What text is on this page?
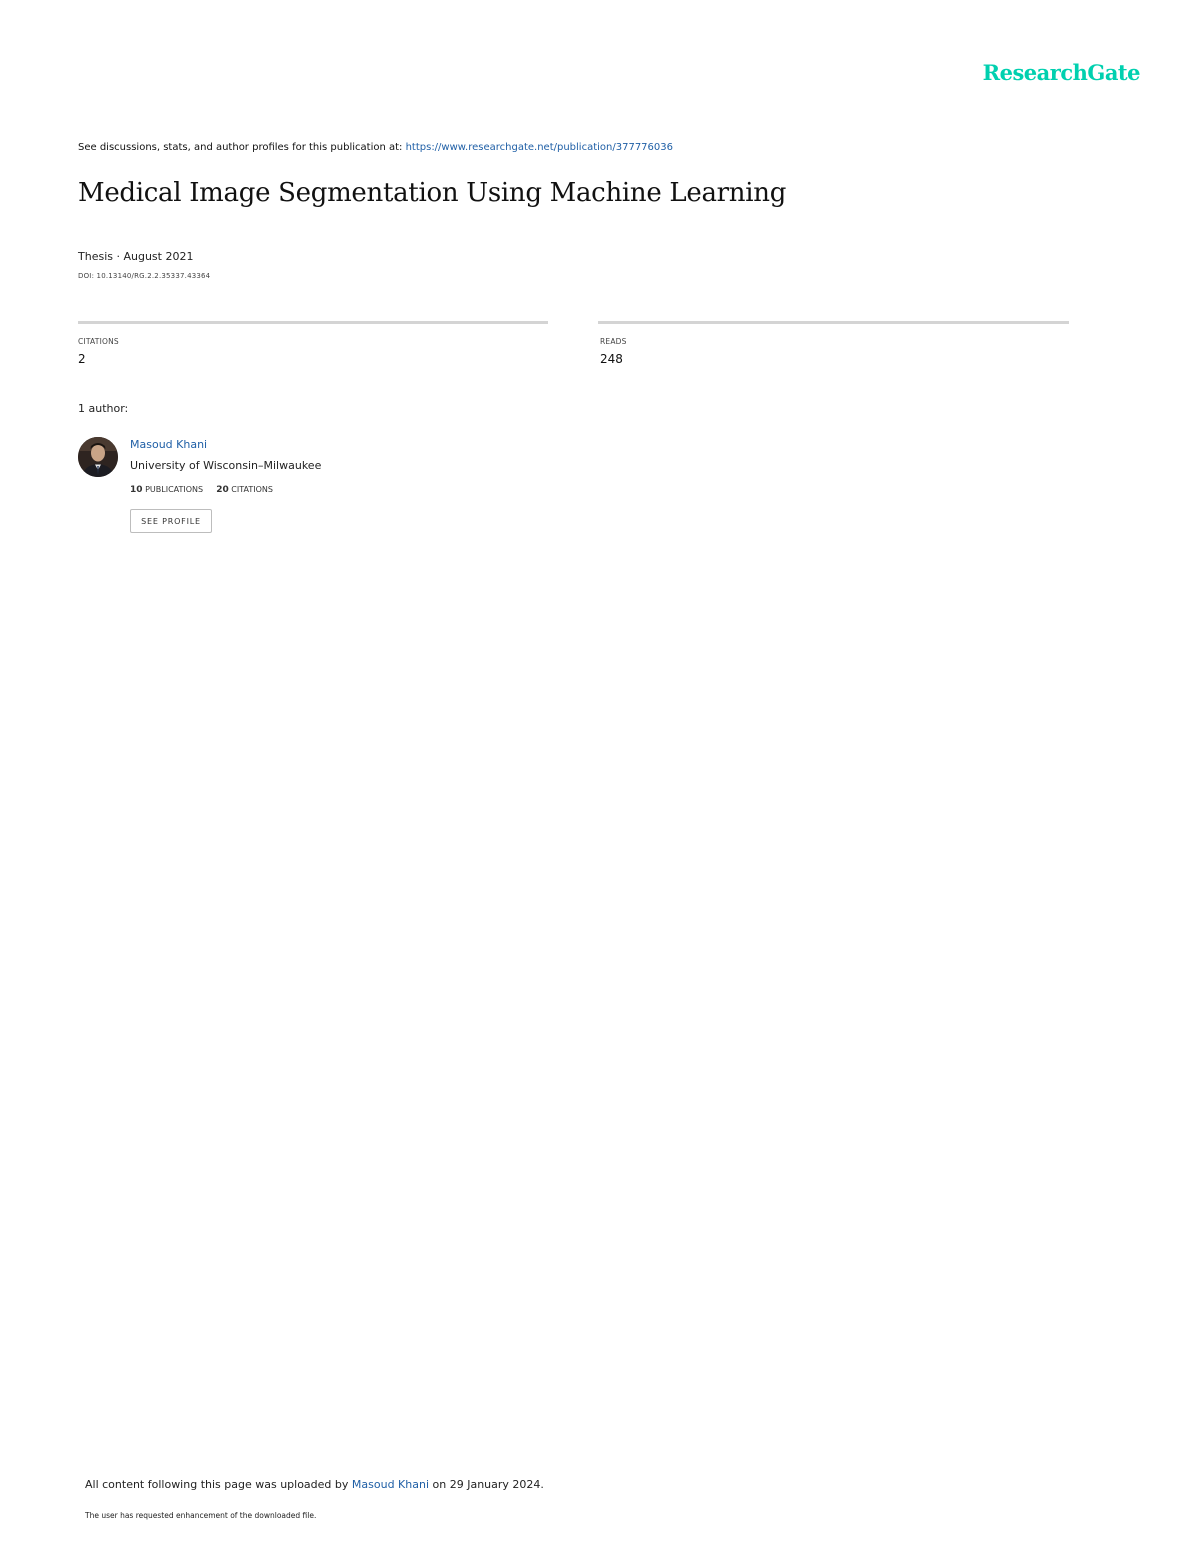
ResearchGate
See discussions, stats, and author profiles for this publication at: https://www.researchgate.net/publication/377776036
Medical Image Segmentation Using Machine Learning
Thesis · August 2021
DOI: 10.13140/RG.2.2.35337.43364
CITATIONS
2
READS
248
1 author:
Masoud Khani
University of Wisconsin–Milwaukee
10 PUBLICATIONS 20 CITATIONS
SEE PROFILE
All content following this page was uploaded by Masoud Khani on 29 January 2024.
The user has requested enhancement of the downloaded file.
